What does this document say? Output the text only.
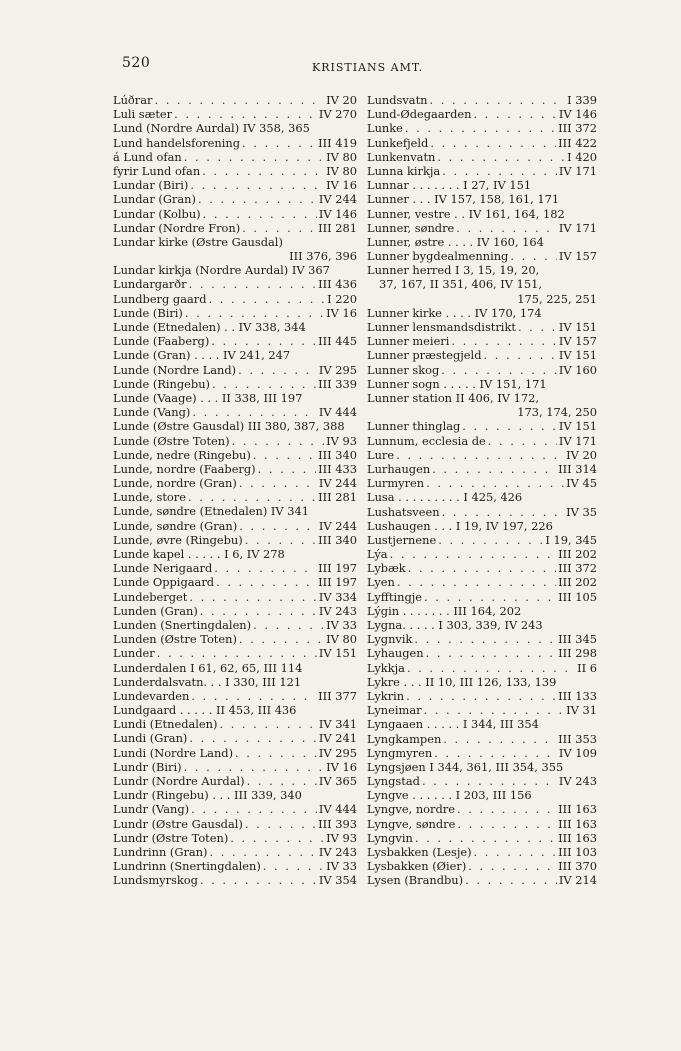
520	KRISTIANS AMT.
Lúðrar . . .	IV 20
Luli sæter . . .	IV 270
Lund (Nordre Aurdal) IV 358, 365
Lund handelsforening . . .	III 419
á Lund ofan . . .	IV 80
fyrir Lund ofan . . .	IV 80
Lundar (Biri) . . .	IV 16
Lundar (Gran) . . .	IV 244
Lundar (Kolbu) . . .	IV 146
Lundar (Nordre Fron) . . .	III 281
Lundar kirke (Østre Gausdal)
III 376, 396
Lundar kirkja (Nordre Aurdal) IV 367
Lundargarðr . . .	III 436
Lundberg gaard . . .	I 220
Lunde (Biri) . . .	IV 16
Lunde (Etnedalen) . . IV 338, 344
Lunde (Faaberg) . . .	III 445
Lunde (Gran) . . . . IV 241, 247
Lunde (Nordre Land) . . .	IV 295
Lunde (Ringebu) . . .	III 339
Lunde (Vaage) . . . II 338, III 197
Lunde (Vang) . . .	IV 444
Lunde (Østre Gausdal) III 380, 387, 388
Lunde (Østre Toten) . . .	IV 93
Lunde, nedre (Ringebu) . . .	III 340
Lunde, nordre (Faaberg) . . .	III 433
Lunde, nordre (Gran) . . .	IV 244
Lunde, store . . .	III 281
Lunde, søndre (Etnedalen) IV 341
Lunde, søndre (Gran) . . .	IV 244
Lunde, øvre (Ringebu) . . .	III 340
Lunde kapel . . . . . I 6, IV 278
Lunde Nerigaard . . .	III 197
Lunde Oppigaard . . .	III 197
Lundeberget . . .	IV 334
Lunden (Gran) . . .	IV 243
Lunden (Snertingdalen) . . .	IV 33
Lunden (Østre Toten) . . .	IV 80
Lunder . . .	IV 151
Lunderdalen I 61, 62, 65, III 114
Lunderdalsvatn. . . I 330, III 121
Lundevarden . . .	III 377
Lundgaard . . . . . II 453, III 436
Lundi (Etnedalen) . . .	IV 341
Lundi (Gran) . . .	IV 241
Lundi (Nordre Land) . . .	IV 295
Lundr (Biri) . . .	IV 16
Lundr (Nordre Aurdal) . . .	IV 365
Lundr (Ringebu) . . . III 339, 340
Lundr (Vang) . . .	IV 444
Lundr (Østre Gausdal) . . .	III 393
Lundr (Østre Toten) . . .	IV 93
Lundrinn (Gran) . . .	IV 243
Lundrinn (Snertingdalen) . . .	IV 33
Lundsmyrskog . . .	IV 354
Lundsvatn . . .	I 339
Lund-Ødegaarden . . .	IV 146
Lunke . . .	III 372
Lunkefjeld . . .	III 422
Lunkenvatn . . .	I 420
Lunna kirkja . . .	IV 171
Lunnar . . . . . . . I 27, IV 151
Lunner . . . IV 157, 158, 161, 171
Lunner, vestre . . IV 161, 164, 182
Lunner, søndre . . .	IV 171
Lunner, østre . . . . IV 160, 164
Lunner bygdealmenning . . .	IV 157
Lunner herred I 3, 15, 19, 20,
37, 167, II 351, 406, IV 151,
175, 225, 251
Lunner kirke . . . . IV 170, 174
Lunner lensmandsdistrikt . . .	IV 151
Lunner meieri . . .	IV 157
Lunner præstegjeld . . .	IV 151
Lunner skog . . .	IV 160
Lunner sogn . . . . . IV 151, 171
Lunner station II 406, IV 172,
173, 174, 250
Lunner thinglag . . .	IV 151
Lunnum, ecclesia de . . .	IV 171
Lure . . .	IV 20
Lurhaugen . . .	III 314
Lurmyren . . .	IV 45
Lusa . . . . . . . . . I 425, 426
Lushatsveen . . .	IV 35
Lushaugen . . . I 19, IV 197, 226
Lustjernene . . .	I 19, 345
Lýa . . .	III 202
Lybæk . . .	III 372
Lyen . . .	III 202
Lyfftingje . . .	III 105
Lýgin . . . . . . . III 164, 202
Lygna. . . . . I 303, 339, IV 243
Lygnvik . . .	III 345
Lyhaugen . . .	III 298
Lykkja . . .	II 6
Lykre . . . II 10, III 126, 133, 139
Lykrin . . .	III 133
Lyneimar . . .	IV 31
Lyngaaen . . . . . I 344, III 354
Lyngkampen . . .	III 353
Lyngmyren . . .	IV 109
Lyngsjøen I 344, 361, III 354, 355
Lyngstad . . .	IV 243
Lyngve . . . . . . I 203, III 156
Lyngve, nordre . . .	III 163
Lyngve, søndre . . .	III 163
Lyngvin . . .	III 163
Lysbakken (Lesje) . . .	III 103
Lysbakken (Øier) . . .	III 370
Lysen (Brandbu) . . .	IV 214
